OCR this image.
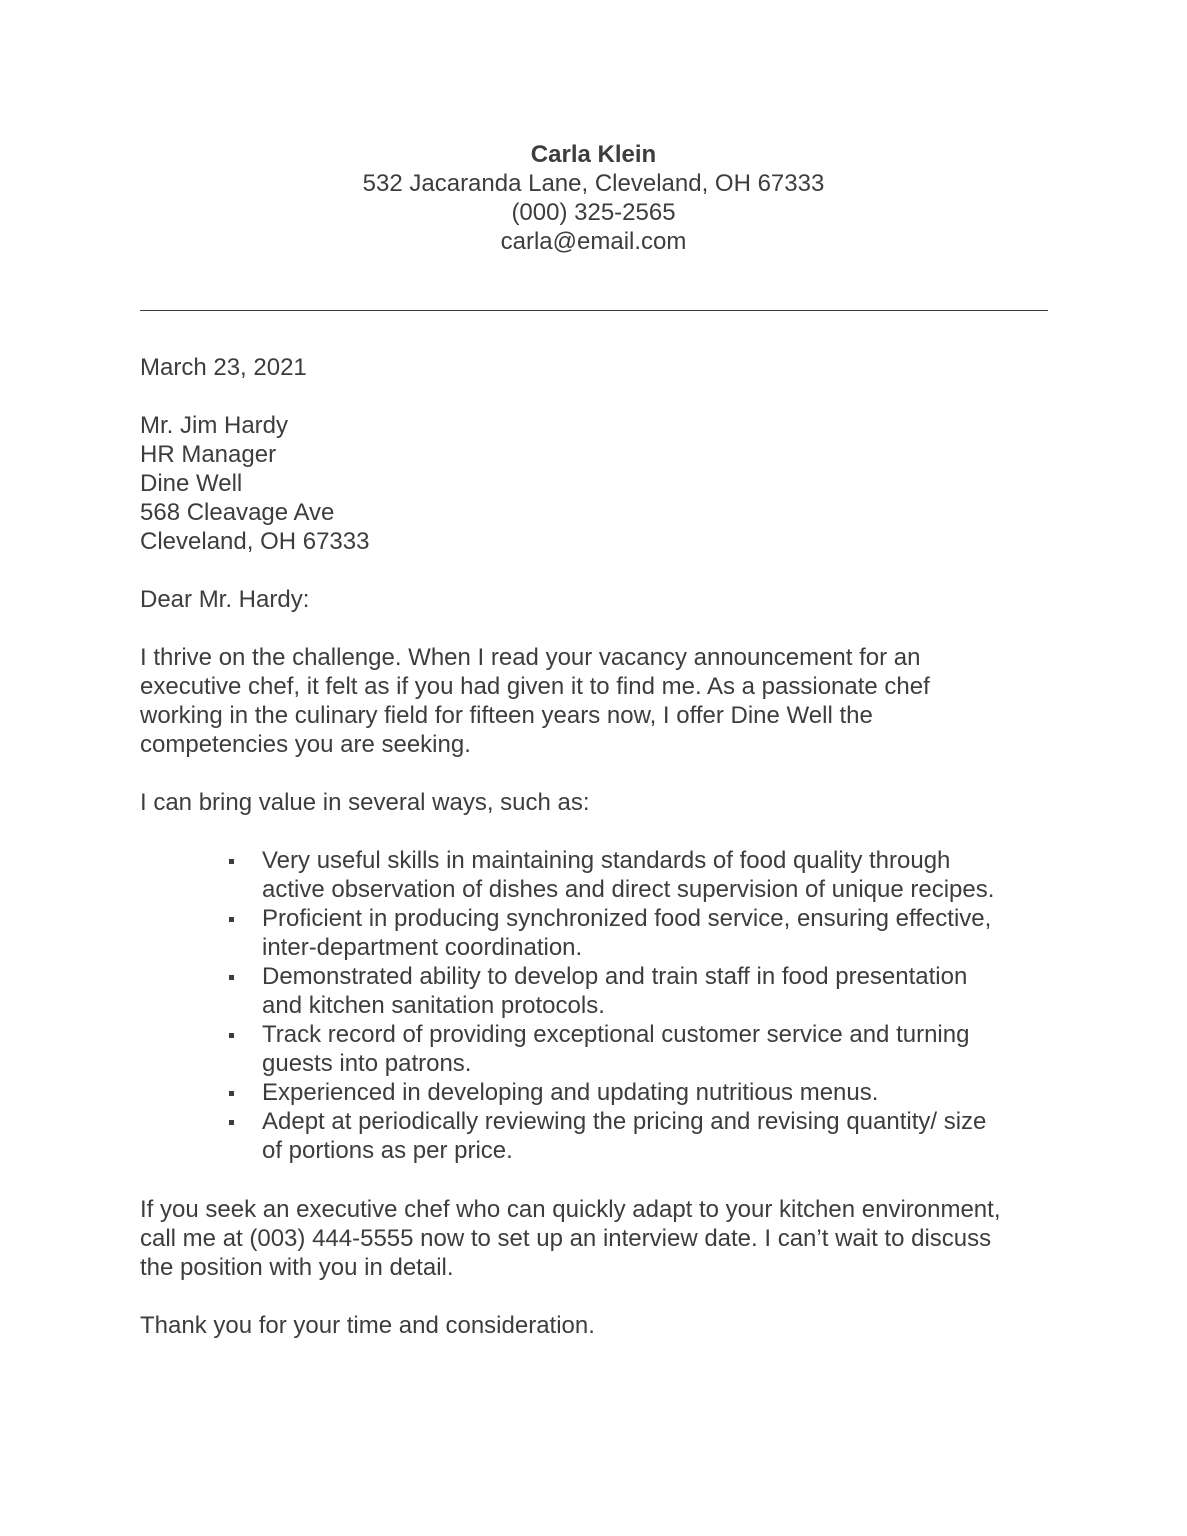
Carla Klein
532 Jacaranda Lane, Cleveland, OH 67333
(000) 325-2565
carla@email.com
March 23, 2021
Mr. Jim Hardy
HR Manager
Dine Well
568 Cleavage Ave
Cleveland, OH 67333
Dear Mr. Hardy:
I thrive on the challenge. When I read your vacancy announcement for an
executive chef, it felt as if you had given it to find me. As a passionate chef
working in the culinary field for fifteen years now, I offer Dine Well the
competencies you are seeking.
I can bring value in several ways, such as:
Very useful skills in maintaining standards of food quality through
active observation of dishes and direct supervision of unique recipes.
Proficient in producing synchronized food service, ensuring effective,
inter-department coordination.
Demonstrated ability to develop and train staff in food presentation
and kitchen sanitation protocols.
Track record of providing exceptional customer service and turning
guests into patrons.
Experienced in developing and updating nutritious menus.
Adept at periodically reviewing the pricing and revising quantity/ size
of portions as per price.
If you seek an executive chef who can quickly adapt to your kitchen environment,
call me at (003) 444-5555 now to set up an interview date. I can’t wait to discuss
the position with you in detail.
Thank you for your time and consideration.
